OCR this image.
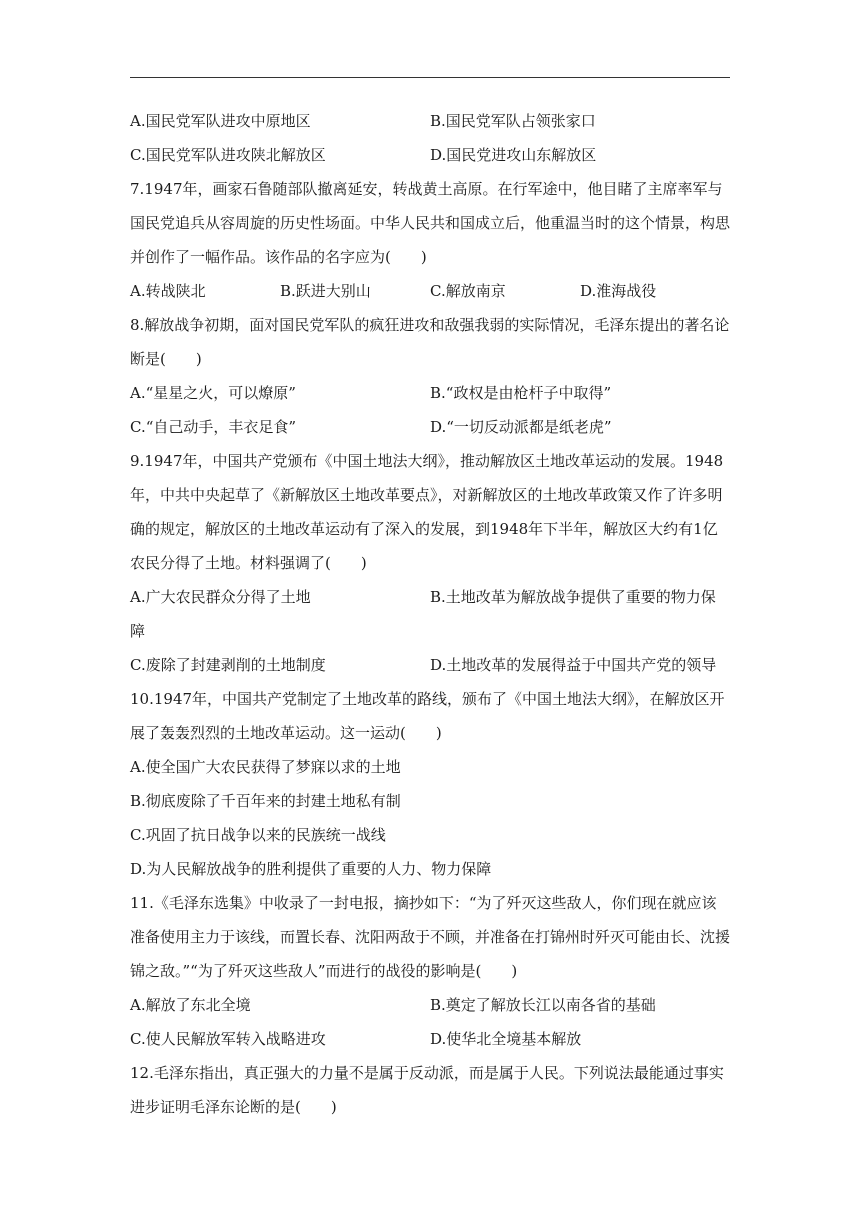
A.国民党军队进攻中原地区	B.国民党军队占领张家口
C.国民党军队进攻陕北解放区	D.国民党进攻山东解放区
7.1947年，画家石鲁随部队撤离延安，转战黄土高原。在行军途中，他目睹了主席率军与
国民党追兵从容周旋的历史性场面。中华人民共和国成立后，他重温当时的这个情景，构思
并创作了一幅作品。该作品的名字应为(　　)
A.转战陕北	B.跃进大别山	C.解放南京	D.淮海战役
8.解放战争初期，面对国民党军队的疯狂进攻和敌强我弱的实际情况，毛泽东提出的著名论
断是(　　)
A.“星星之火，可以燎原”	B.“政权是由枪杆子中取得”
C.“自己动手，丰衣足食”	D.“一切反动派都是纸老虎”
9.1947年，中国共产党颁布《中国土地法大纲》，推动解放区土地改革运动的发展。1948
年，中共中央起草了《新解放区土地改革要点》，对新解放区的土地改革政策又作了许多明
确的规定，解放区的土地改革运动有了深入的发展，到1948年下半年，解放区大约有1亿
农民分得了土地。材料强调了(　　)
A.广大农民群众分得了土地	B.土地改革为解放战争提供了重要的物力保
障
C.废除了封建剥削的土地制度	D.土地改革的发展得益于中国共产党的领导
10.1947年，中国共产党制定了土地改革的路线，颁布了《中国土地法大纲》，在解放区开
展了轰轰烈烈的土地改革运动。这一运动(　　)
A.使全国广大农民获得了梦寐以求的土地
B.彻底废除了千百年来的封建土地私有制
C.巩固了抗日战争以来的民族统一战线
D.为人民解放战争的胜利提供了重要的人力、物力保障
11.《毛泽东选集》中收录了一封电报，摘抄如下：“为了歼灭这些敌人，你们现在就应该
准备使用主力于该线，而置长春、沈阳两敌于不顾，并准备在打锦州时歼灭可能由长、沈援
锦之敌。”“为了歼灭这些敌人”而进行的战役的影响是(　　)
A.解放了东北全境	B.奠定了解放长江以南各省的基础
C.使人民解放军转入战略进攻	D.使华北全境基本解放
12.毛泽东指出，真正强大的力量不是属于反动派，而是属于人民。下列说法最能通过事实
进步证明毛泽东论断的是(　　)
